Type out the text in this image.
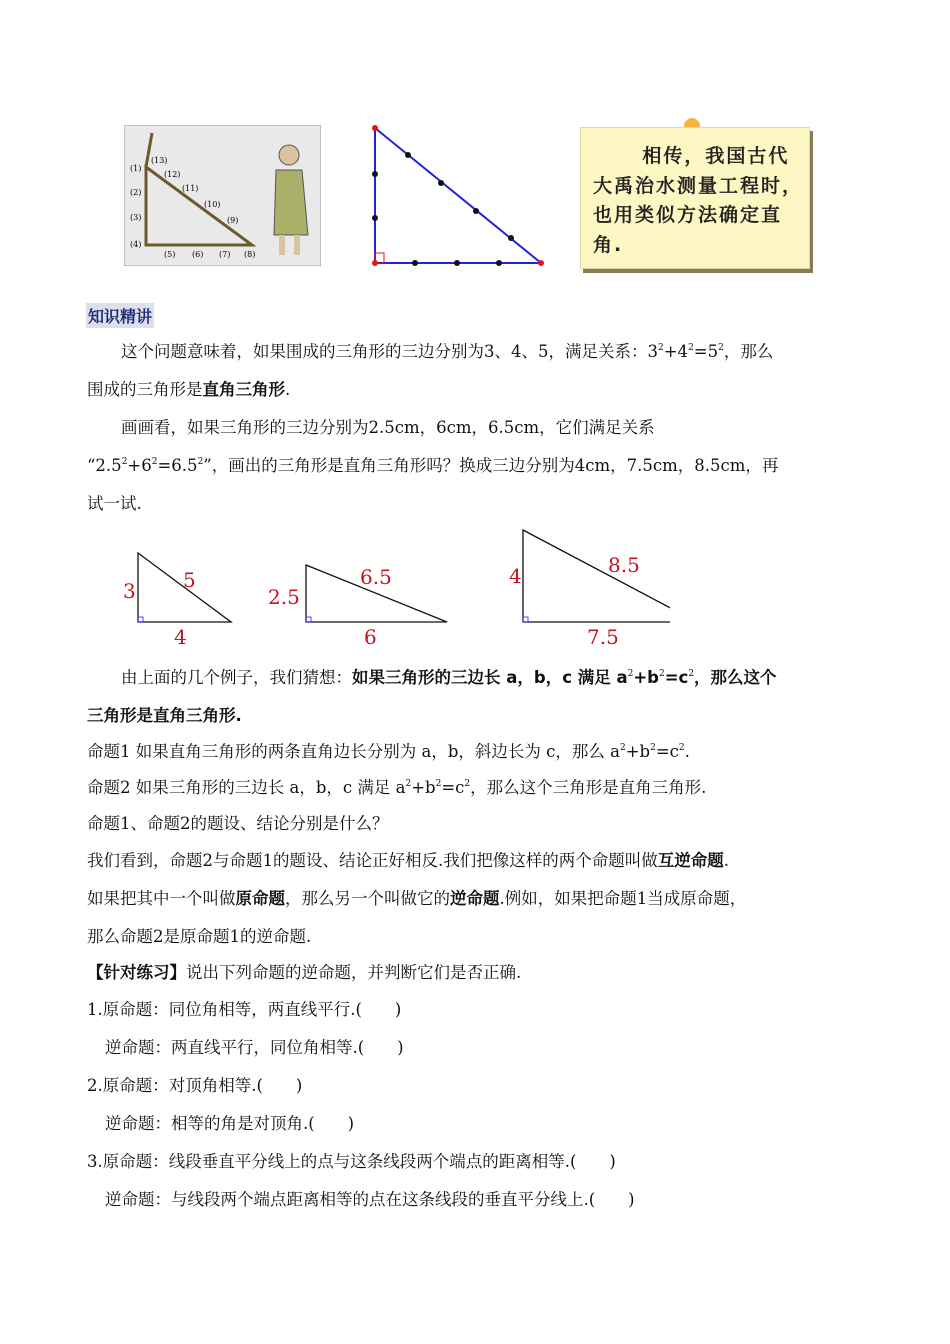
(1)
(2)
(3)
(4)
(5) (6) (7) (8)
(9)
(10)
(11)
(12)
(13)	相传，我国古代大禹治水测量工程时，也用类似方法确定直角.
知识精讲
这个问题意味着，如果围成的三角形的三边分别为3、4、5，满足关系：$3^2+4^2=5^2$，那么
围成的三角形是直角三角形.
画画看，如果三角形的三边分别为2.5cm，6cm，6.5cm，它们满足关系
“$2.5^2+6^2=6.5^2$”，画出的三角形是直角三角形吗？换成三边分别为4cm，7.5cm，8.5cm，再
试一试.
由上面的几个例子，我们猜想：如果三角形的三边长 a，b，c 满足 $a^2+b^2=c^2$，那么这个
三角形是直角三角形.
命题1 如果直角三角形的两条直角边长分别为 a，b，斜边长为 c，那么 $a^2+b^2=c^2$.
命题2 如果三角形的三边长 a，b，c 满足 $a^2+b^2=c^2$，那么这个三角形是直角三角形.
命题1、命题2的题设、结论分别是什么？
我们看到，命题2与命题1的题设、结论正好相反.我们把像这样的两个命题叫做互逆命题.
如果把其中一个叫做原命题，那么另一个叫做它的逆命题.例如，如果把命题1当成原命题，
那么命题2是原命题1的逆命题.
【针对练习】说出下列命题的逆命题，并判断它们是否正确.
1.原命题：同位角相等，两直线平行.(　　)
逆命题：两直线平行，同位角相等.(　　)
2.原命题：对顶角相等.(　　)
逆命题：相等的角是对顶角.(　　)
3.原命题：线段垂直平分线上的点与这条线段两个端点的距离相等.(　　)
逆命题：与线段两个端点距离相等的点在这条线段的垂直平分线上.(　　)
3
4
5
2.5
6
6.5	4
7.5
8.5
